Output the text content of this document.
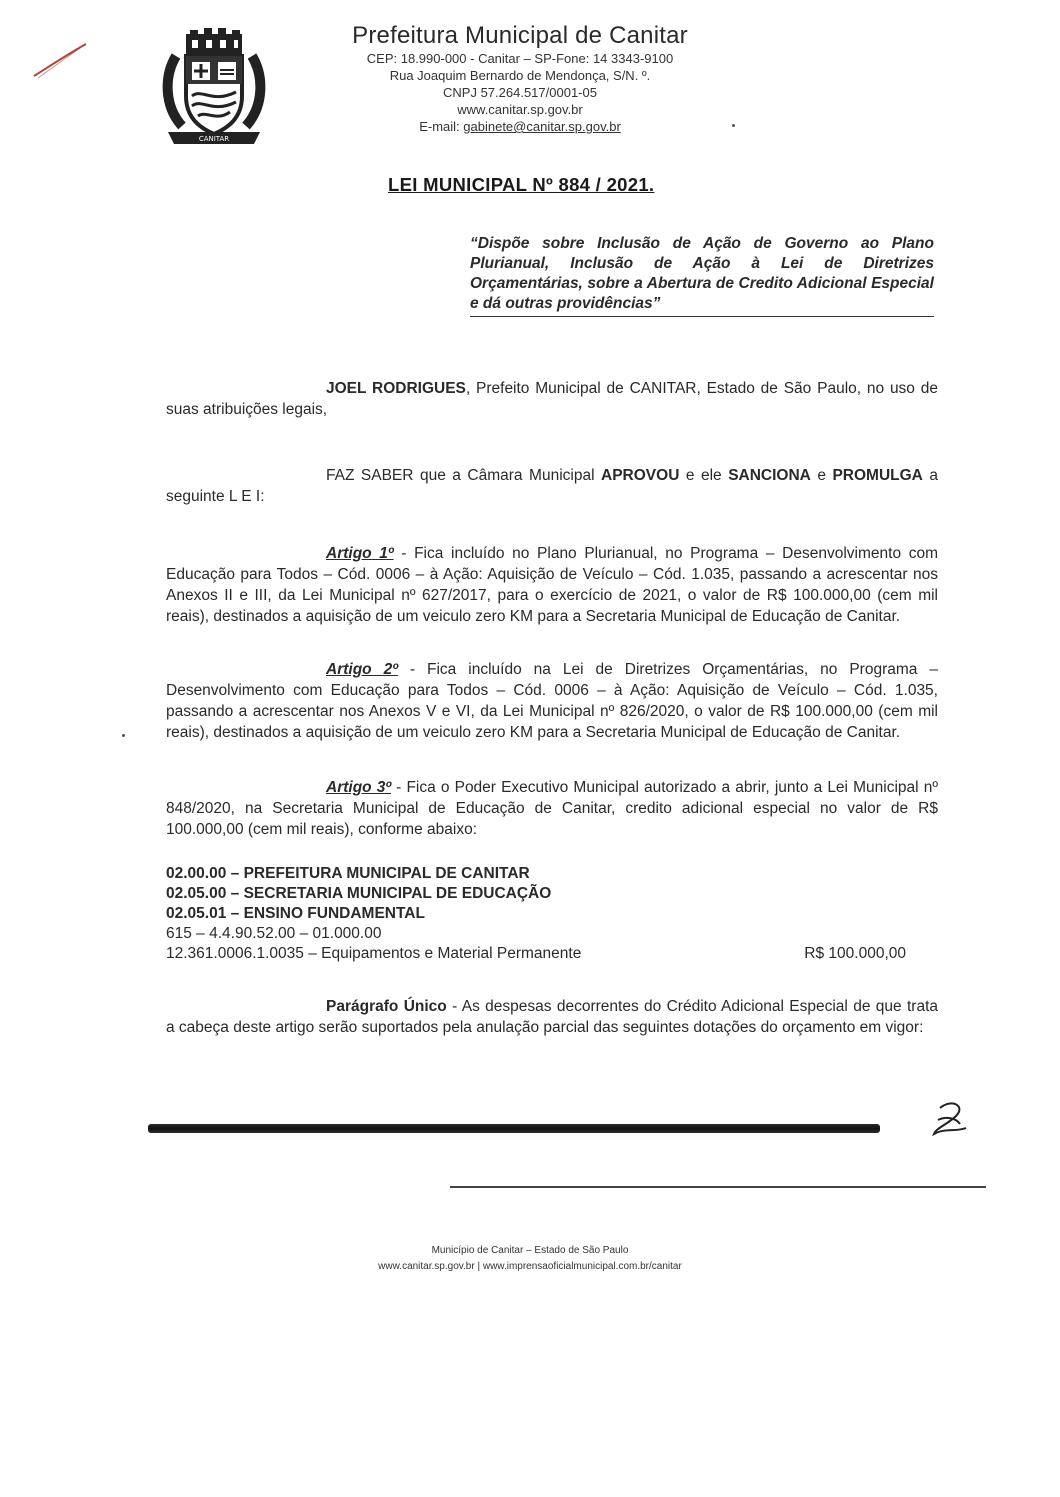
CANITAR
Prefeitura Municipal de Canitar
CEP: 18.990-000 - Canitar – SP-Fone: 14 3343-9100
Rua Joaquim Bernardo de Mendonça, S/N. º.
CNPJ 57.264.517/0001-05
www.canitar.sp.gov.br
E-mail: gabinete@canitar.sp.gov.br
LEI MUNICIPAL Nº 884 / 2021.
“Dispõe sobre Inclusão de Ação de Governo ao Plano Plurianual, Inclusão de Ação à Lei de Diretrizes Orçamentárias, sobre a Abertura de Credito Adicional Especial e dá outras providências”
JOEL RODRIGUES, Prefeito Municipal de CANITAR, Estado de São Paulo, no uso de suas atribuições legais,
FAZ SABER que a Câmara Municipal APROVOU e ele SANCIONA e PROMULGA a seguinte L E I:
Artigo 1º - Fica incluído no Plano Plurianual, no Programa – Desenvolvimento com Educação para Todos – Cód. 0006 – à Ação: Aquisição de Veículo – Cód. 1.035, passando a acrescentar nos Anexos II e III, da Lei Municipal nº 627/2017, para o exercício de 2021, o valor de R$ 100.000,00 (cem mil reais), destinados a aquisição de um veiculo zero KM para a Secretaria Municipal de Educação de Canitar.
Artigo 2º - Fica incluído na Lei de Diretrizes Orçamentárias, no Programa – Desenvolvimento com Educação para Todos – Cód. 0006 – à Ação: Aquisição de Veículo – Cód. 1.035, passando a acrescentar nos Anexos V e VI, da Lei Municipal nº 826/2020, o valor de R$ 100.000,00 (cem mil reais), destinados a aquisição de um veiculo zero KM para a Secretaria Municipal de Educação de Canitar.
Artigo 3º - Fica o Poder Executivo Municipal autorizado a abrir, junto a Lei Municipal nº 848/2020, na Secretaria Municipal de Educação de Canitar, credito adicional especial no valor de R$ 100.000,00 (cem mil reais), conforme abaixo:
02.00.00 – PREFEITURA MUNICIPAL DE CANITAR
02.05.00 – SECRETARIA MUNICIPAL DE EDUCAÇÃO
02.05.01 – ENSINO FUNDAMENTAL
615 – 4.4.90.52.00 – 01.000.00
12.361.0006.1.0035 – Equipamentos e Material Permanente	R$ 100.000,00
Parágrafo Único - As despesas decorrentes do Crédito Adicional Especial de que trata a cabeça deste artigo serão suportados pela anulação parcial das seguintes dotações do orçamento em vigor:
Município de Canitar – Estado de São Paulo
www.canitar.sp.gov.br | www.imprensaoficialmunicipal.com.br/canitar
